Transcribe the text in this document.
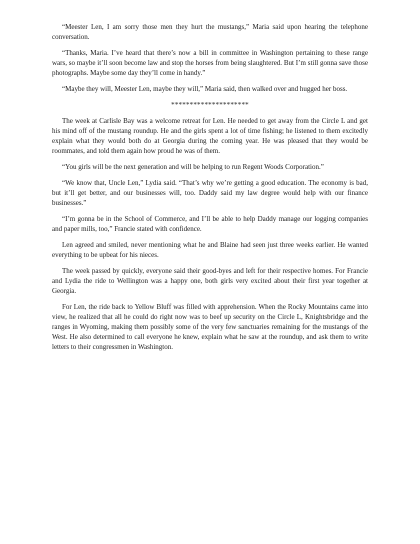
“Meester Len, I am sorry those men they hurt the mustangs,” Maria said upon hearing the telephone conversation.

“Thanks, Maria. I’ve heard that there’s now a bill in committee in Washington pertaining to these range wars, so maybe it’ll soon become law and stop the horses from being slaughtered. But I’m still gonna save those photographs. Maybe some day they’ll come in handy.”

“Maybe they will, Meester Len, maybe they will,” Maria said, then walked over and hugged her boss.

*********************

The week at Carlisle Bay was a welcome retreat for Len. He needed to get away from the Circle L and get his mind off of the mustang roundup. He and the girls spent a lot of time fishing; he listened to them excitedly explain what they would both do at Georgia during the coming year. He was pleased that they would be roommates, and told them again how proud he was of them.

“You girls will be the next generation and will be helping to run Regent Woods Corporation.”

“We know that, Uncle Len,” Lydia said. “That’s why we’re getting a good education. The economy is bad, but it’ll get better, and our businesses will, too. Daddy said my law degree would help with our finance businesses.”

“I’m gonna be in the School of Commerce, and I’ll be able to help Daddy manage our logging companies and paper mills, too,” Francie stated with confidence.

Len agreed and smiled, never mentioning what he and Blaine had seen just three weeks earlier. He wanted everything to be upbeat for his nieces.

The week passed by quickly, everyone said their good-byes and left for their respective homes. For Francie and Lydia the ride to Wellington was a happy one, both girls very excited about their first year together at Georgia.

For Len, the ride back to Yellow Bluff was filled with apprehension. When the Rocky Mountains came into view, he realized that all he could do right now was to beef up security on the Circle L, Knightsbridge and the ranges in Wyoming, making them possibly some of the very few sanctuaries remaining for the mustangs of the West. He also determined to call everyone he knew, explain what he saw at the roundup, and ask them to write letters to their congressmen in Washington.
